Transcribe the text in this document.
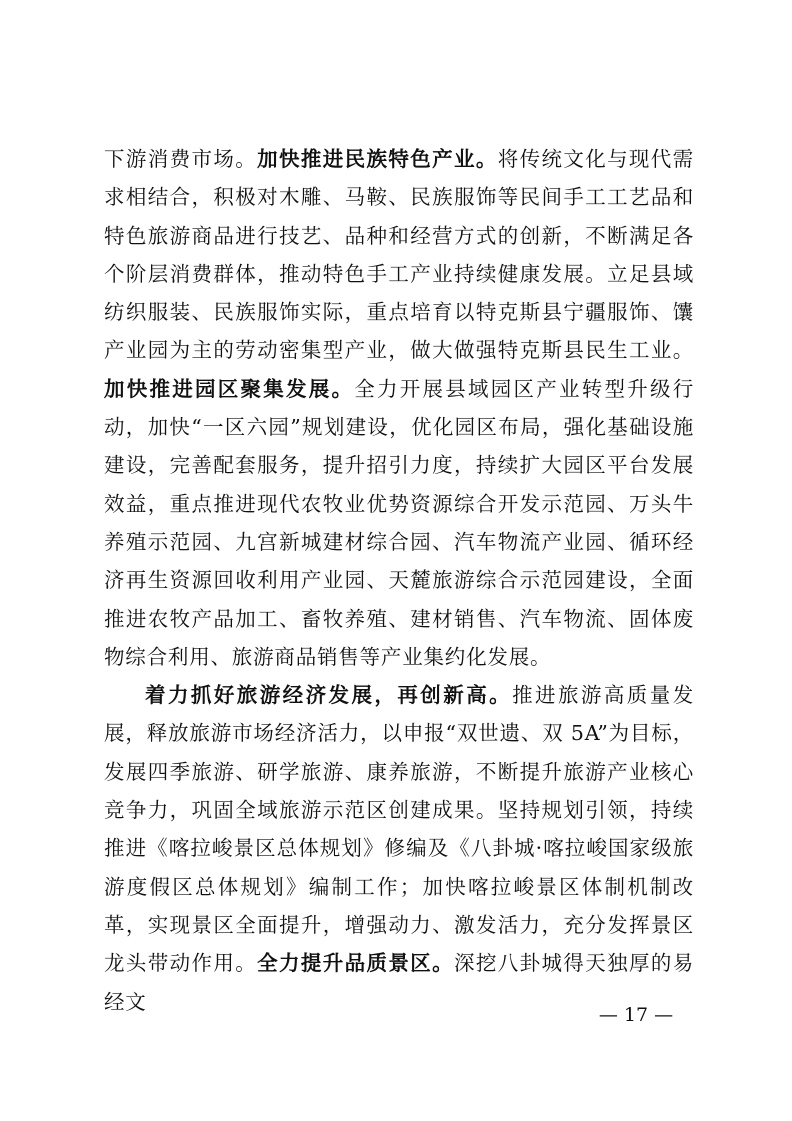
下游消费市场。加快推进民族特色产业。将传统文化与现代需求相结合，积极对木雕、马鞍、民族服饰等民间手工工艺品和特色旅游商品进行技艺、品种和经营方式的创新，不断满足各个阶层消费群体，推动特色手工产业持续健康发展。立足县域纺织服装、民族服饰实际，重点培育以特克斯县宁疆服饰、馕产业园为主的劳动密集型产业，做大做强特克斯县民生工业。加快推进园区聚集发展。全力开展县域园区产业转型升级行动，加快“一区六园”规划建设，优化园区布局，强化基础设施建设，完善配套服务，提升招引力度，持续扩大园区平台发展效益，重点推进现代农牧业优势资源综合开发示范园、万头牛养殖示范园、九宫新城建材综合园、汽车物流产业园、循环经济再生资源回收利用产业园、天麓旅游综合示范园建设，全面推进农牧产品加工、畜牧养殖、建材销售、汽车物流、固体废物综合利用、旅游商品销售等产业集约化发展。

着力抓好旅游经济发展，再创新高。推进旅游高质量发展，释放旅游市场经济活力，以申报“双世遗、双 5A”为目标，发展四季旅游、研学旅游、康养旅游，不断提升旅游产业核心竞争力，巩固全域旅游示范区创建成果。坚持规划引领，持续推进《喀拉峻景区总体规划》修编及《八卦城·喀拉峻国家级旅游度假区总体规划》编制工作；加快喀拉峻景区体制机制改革，实现景区全面提升，增强动力、激发活力，充分发挥景区龙头带动作用。全力提升品质景区。深挖八卦城得天独厚的易经文

— 17 —
